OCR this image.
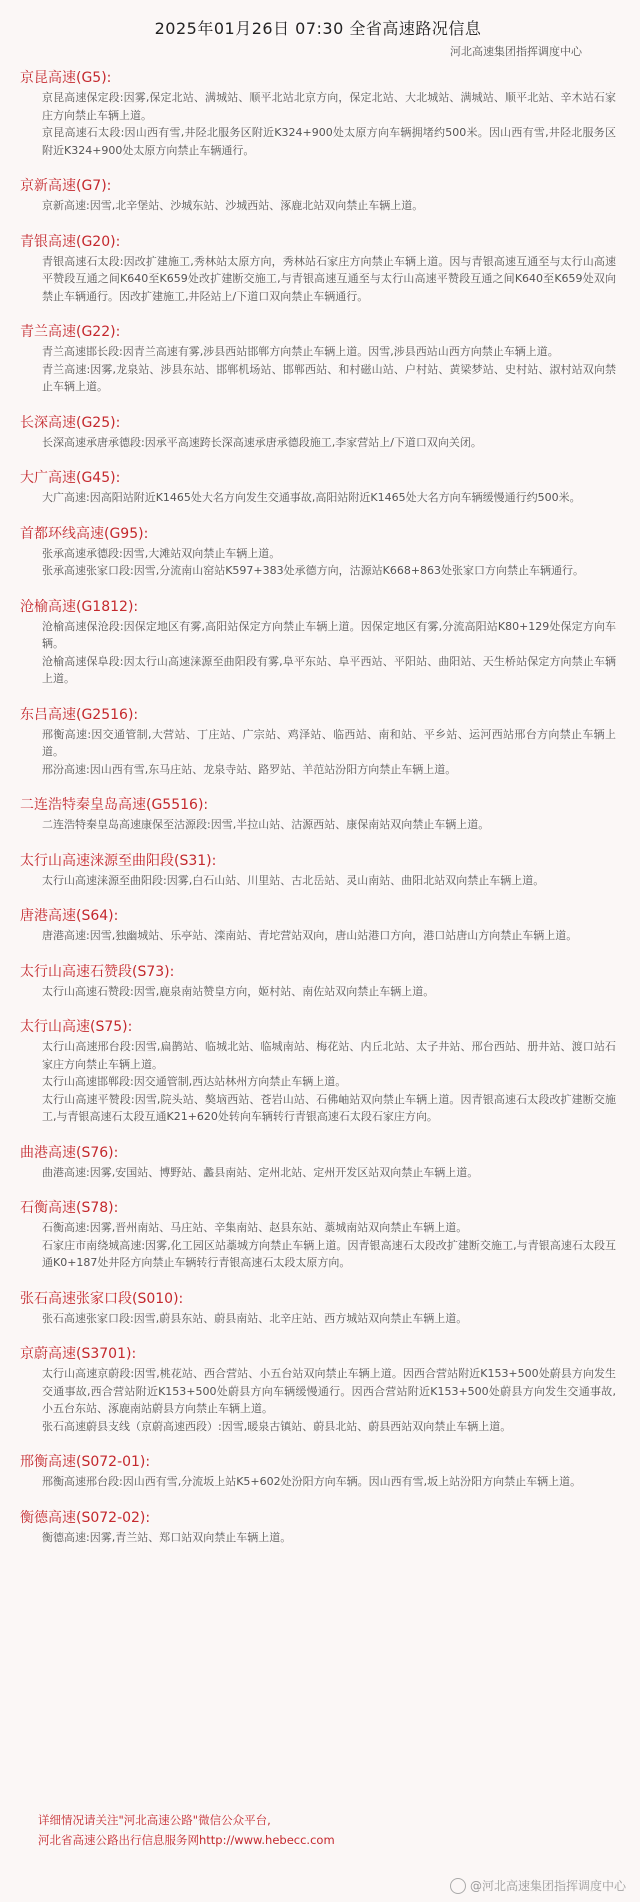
2025年01月26日 07:30 全省高速路况信息
河北高速集团指挥调度中心
京昆高速(G5):

京昆高速保定段:因雾,保定北站、满城站、顺平北站北京方向，保定北站、大北城站、满城站、顺平北站、辛木站石家庄方向禁止车辆上道。

京昆高速石太段:因山西有雪,井陉北服务区附近K324+900处太原方向车辆拥堵约500米。因山西有雪,井陉北服务区附近K324+900处太原方向禁止车辆通行。

京新高速(G7):

京新高速:因雪,北辛堡站、沙城东站、沙城西站、涿鹿北站双向禁止车辆上道。

青银高速(G20):

青银高速石太段:因改扩建施工,秀林站太原方向，秀林站石家庄方向禁止车辆上道。因与青银高速互通至与太行山高速平赞段互通之间K640至K659处改扩建断交施工,与青银高速互通至与太行山高速平赞段互通之间K640至K659处双向禁止车辆通行。因改扩建施工,井陉站上/下道口双向禁止车辆通行。

青兰高速(G22):

青兰高速邯长段:因青兰高速有雾,涉县西站邯郸方向禁止车辆上道。因雪,涉县西站山西方向禁止车辆上道。

青兰高速:因雾,龙泉站、涉县东站、邯郸机场站、邯郸西站、和村磁山站、户村站、黄梁梦站、史村站、淑村站双向禁止车辆上道。

长深高速(G25):

长深高速承唐承德段:因承平高速跨长深高速承唐承德段施工,李家营站上/下道口双向关闭。

大广高速(G45):

大广高速:因高阳站附近K1465处大名方向发生交通事故,高阳站附近K1465处大名方向车辆缓慢通行约500米。

首都环线高速(G95):

张承高速承德段:因雪,大滩站双向禁止车辆上道。

张承高速张家口段:因雪,分流南山窑站K597+383处承德方向，沽源站K668+863处张家口方向禁止车辆通行。

沧榆高速(G1812):

沧榆高速保沧段:因保定地区有雾,高阳站保定方向禁止车辆上道。因保定地区有雾,分流高阳站K80+129处保定方向车辆。

沧榆高速保阜段:因太行山高速涞源至曲阳段有雾,阜平东站、阜平西站、平阳站、曲阳站、天生桥站保定方向禁止车辆上道。

东吕高速(G2516):

邢衡高速:因交通管制,大营站、丁庄站、广宗站、鸡泽站、临西站、南和站、平乡站、运河西站邢台方向禁止车辆上道。

邢汾高速:因山西有雪,东马庄站、龙泉寺站、路罗站、羊范站汾阳方向禁止车辆上道。

二连浩特秦皇岛高速(G5516):

二连浩特秦皇岛高速康保至沽源段:因雪,半拉山站、沽源西站、康保南站双向禁止车辆上道。

太行山高速涞源至曲阳段(S31):

太行山高速涞源至曲阳段:因雾,白石山站、川里站、古北岳站、灵山南站、曲阳北站双向禁止车辆上道。

唐港高速(S64):

唐港高速:因雪,独幽城站、乐亭站、滦南站、青坨营站双向，唐山站港口方向，港口站唐山方向禁止车辆上道。

太行山高速石赞段(S73):

太行山高速石赞段:因雪,鹿泉南站赞皇方向，姬村站、南佐站双向禁止车辆上道。

太行山高速(S75):

太行山高速邢台段:因雪,扁鹊站、临城北站、临城南站、梅花站、内丘北站、太子井站、邢台西站、册井站、渡口站石家庄方向禁止车辆上道。

太行山高速邯郸段:因交通管制,西达站林州方向禁止车辆上道。

太行山高速平赞段:因雪,院头站、獒垴西站、苍岩山站、石佛岫站双向禁止车辆上道。因青银高速石太段改扩建断交施工,与青银高速石太段互通K21+620处转向车辆转行青银高速石太段石家庄方向。

曲港高速(S76):

曲港高速:因雾,安国站、博野站、蠡县南站、定州北站、定州开发区站双向禁止车辆上道。

石衡高速(S78):

石衡高速:因雾,晋州南站、马庄站、辛集南站、赵县东站、藁城南站双向禁止车辆上道。

石家庄市南绕城高速:因雾,化工园区站藁城方向禁止车辆上道。因青银高速石太段改扩建断交施工,与青银高速石太段互通K0+187处井陉方向禁止车辆转行青银高速石太段太原方向。

张石高速张家口段(S010):

张石高速张家口段:因雪,蔚县东站、蔚县南站、北辛庄站、西方城站双向禁止车辆上道。

京蔚高速(S3701):

太行山高速京蔚段:因雪,桃花站、西合营站、小五台站双向禁止车辆上道。因西合营站附近K153+500处蔚县方向发生交通事故,西合营站附近K153+500处蔚县方向车辆缓慢通行。因西合营站附近K153+500处蔚县方向发生交通事故,小五台东站、涿鹿南站蔚县方向禁止车辆上道。

张石高速蔚县支线（京蔚高速西段）:因雪,暖泉古镇站、蔚县北站、蔚县西站双向禁止车辆上道。

邢衡高速(S072-01):

邢衡高速邢台段:因山西有雪,分流坂上站K5+602处汾阳方向车辆。因山西有雪,坂上站汾阳方向禁止车辆上道。

衡德高速(S072-02):

衡德高速:因雾,青兰站、郑口站双向禁止车辆上道。

详细情况请关注"河北高速公路"微信公众平台,
河北省高速公路出行信息服务网http://www.hebecc.com
@河北高速集团指挥调度中心
